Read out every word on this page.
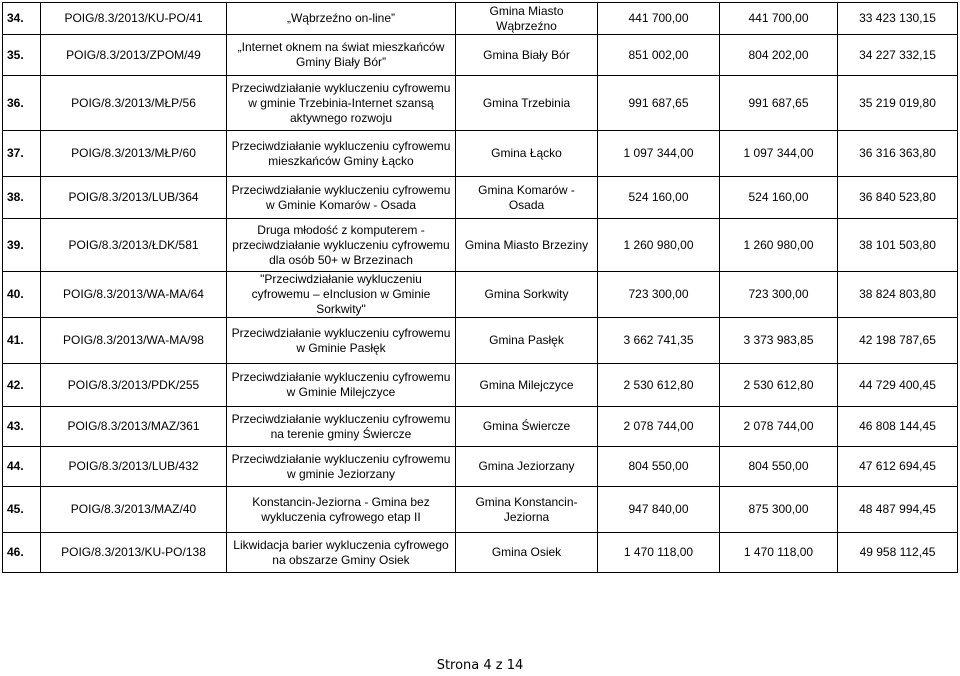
34.	POIG/8.3/2013/KU-PO/41	„Wąbrzeźno on-line”	Gmina Miasto Wąbrzeźno	441 700,00	441 700,00	33 423 130,15
35.	POIG/8.3/2013/ZPOM/49	„Internet oknem na świat mieszkańców Gminy Biały Bór”	Gmina Biały Bór	851 002,00	804 202,00	34 227 332,15
36.	POIG/8.3/2013/MŁP/56	Przeciwdziałanie wykluczeniu cyfrowemu w gminie Trzebinia-Internet szansą aktywnego rozwoju	Gmina Trzebinia	991 687,65	991 687,65	35 219 019,80
37.	POIG/8.3/2013/MŁP/60	Przeciwdziałanie wykluczeniu cyfrowemu mieszkańców Gminy Łącko	Gmina Łącko	1 097 344,00	1 097 344,00	36 316 363,80
38.	POIG/8.3/2013/LUB/364	Przeciwdziałanie wykluczeniu cyfrowemu w Gminie Komarów - Osada	Gmina Komarów - Osada	524 160,00	524 160,00	36 840 523,80
39.	POIG/8.3/2013/ŁDK/581	Druga młodość z komputerem - przeciwdziałanie wykluczeniu cyfrowemu dla osób 50+ w Brzezinach	Gmina Miasto Brzeziny	1 260 980,00	1 260 980,00	38 101 503,80
40.	POIG/8.3/2013/WA-MA/64	"Przeciwdziałanie wykluczeniu cyfrowemu – eInclusion w Gminie Sorkwity"	Gmina Sorkwity	723 300,00	723 300,00	38 824 803,80
41.	POIG/8.3/2013/WA-MA/98	Przeciwdziałanie wykluczeniu cyfrowemu w Gminie Pasłęk	Gmina Pasłęk	3 662 741,35	3 373 983,85	42 198 787,65
42.	POIG/8.3/2013/PDK/255	Przeciwdziałanie wykluczeniu cyfrowemu w Gminie Milejczyce	Gmina Milejczyce	2 530 612,80	2 530 612,80	44 729 400,45
43.	POIG/8.3/2013/MAZ/361	Przeciwdziałanie wykluczeniu cyfrowemu na terenie gminy Świercze	Gmina Świercze	2 078 744,00	2 078 744,00	46 808 144,45
44.	POIG/8.3/2013/LUB/432	Przeciwdziałanie wykluczeniu cyfrowemu w gminie Jeziorzany	Gmina Jeziorzany	804 550,00	804 550,00	47 612 694,45
45.	POIG/8.3/2013/MAZ/40	Konstancin-Jeziorna - Gmina bez wykluczenia cyfrowego etap II	Gmina Konstancin-Jeziorna	947 840,00	875 300,00	48 487 994,45
46.	POIG/8.3/2013/KU-PO/138	Likwidacja barier wykluczenia cyfrowego na obszarze Gminy Osiek	Gmina Osiek	1 470 118,00	1 470 118,00	49 958 112,45
Strona 4 z 14
